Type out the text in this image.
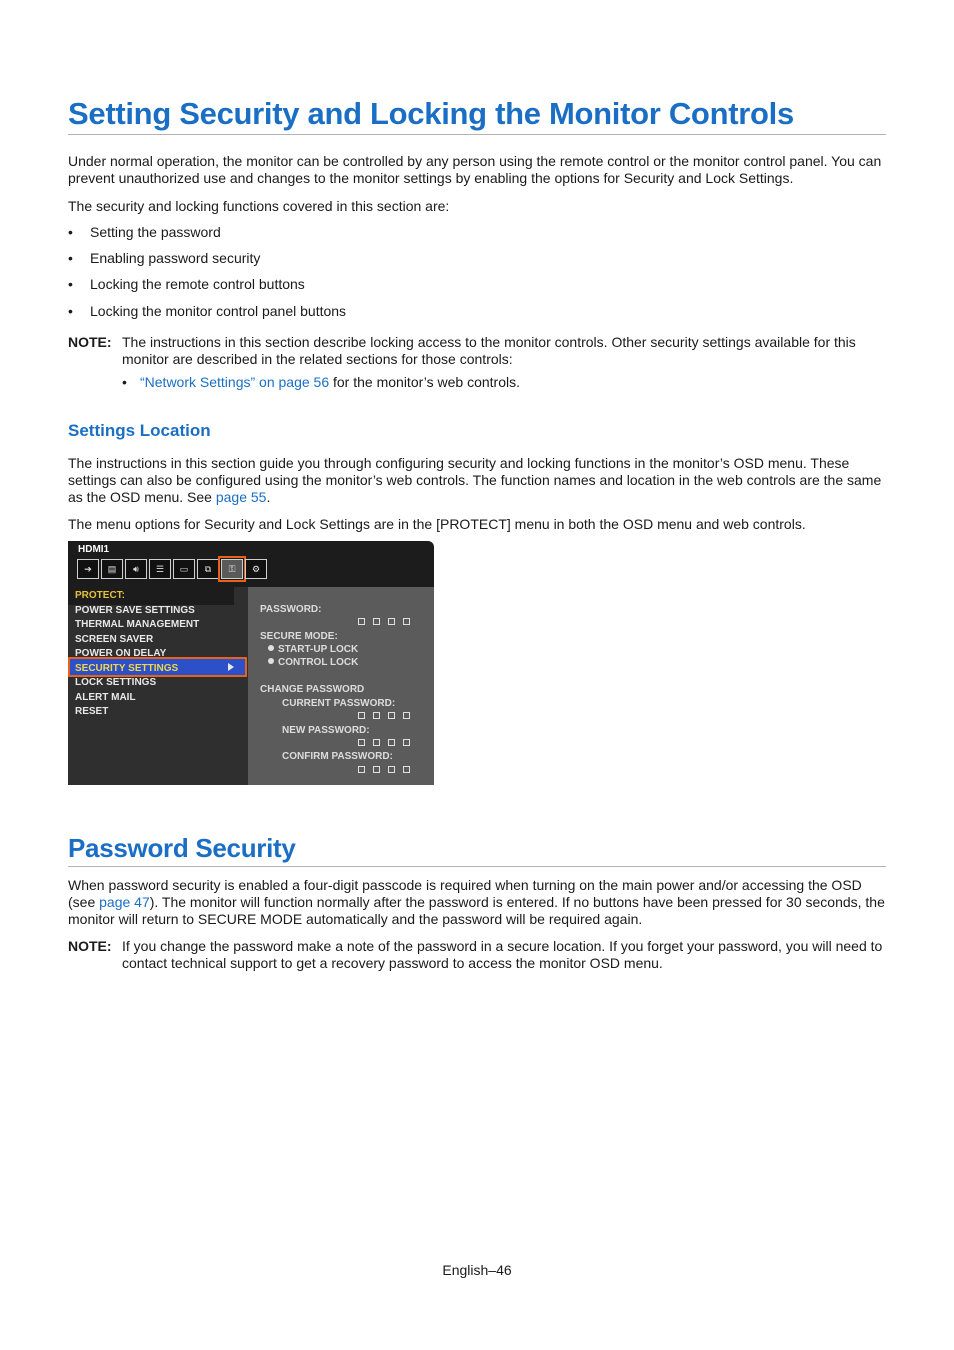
Setting Security and Locking the Monitor Controls
Under normal operation, the monitor can be controlled by any person using the remote control or the monitor control panel. You can prevent unauthorized use and changes to the monitor settings by enabling the options for Security and Lock Settings.
The security and locking functions covered in this section are:
• Setting the password
• Enabling password security
• Locking the remote control buttons
• Locking the monitor control panel buttons
NOTE: The instructions in this section describe locking access to the monitor controls. Other security settings available for this monitor are described in the related sections for those controls:
• “Network Settings” on page 56 for the monitor’s web controls.
Settings Location
The instructions in this section guide you through configuring security and locking functions in the monitor’s OSD menu. These settings can also be configured using the monitor’s web controls. The function names and location in the web controls are the same as the OSD menu. See page 55.
The menu options for Security and Lock Settings are in the [PROTECT] menu in both the OSD menu and web controls.
HDMI1
➔	▤	🔊︎	☰	▭	⧉	⚿	⚙
PROTECT:
POWER SAVE SETTINGS
THERMAL MANAGEMENT
SCREEN SAVER
POWER ON DELAY
SECURITY SETTINGS
LOCK SETTINGS
ALERT MAIL
RESET
PASSWORD:
SECURE MODE:
START-UP LOCK
CONTROL LOCK
CHANGE PASSWORD
CURRENT PASSWORD:
NEW PASSWORD:
CONFIRM PASSWORD:
Password Security
When password security is enabled a four-digit passcode is required when turning on the main power and/or accessing the OSD (see page 47). The monitor will function normally after the password is entered. If no buttons have been pressed for 30 seconds, the monitor will return to SECURE MODE automatically and the password will be required again.
NOTE: If you change the password make a note of the password in a secure location. If you forget your password, you will need to contact technical support to get a recovery password to access the monitor OSD menu.
English–46
